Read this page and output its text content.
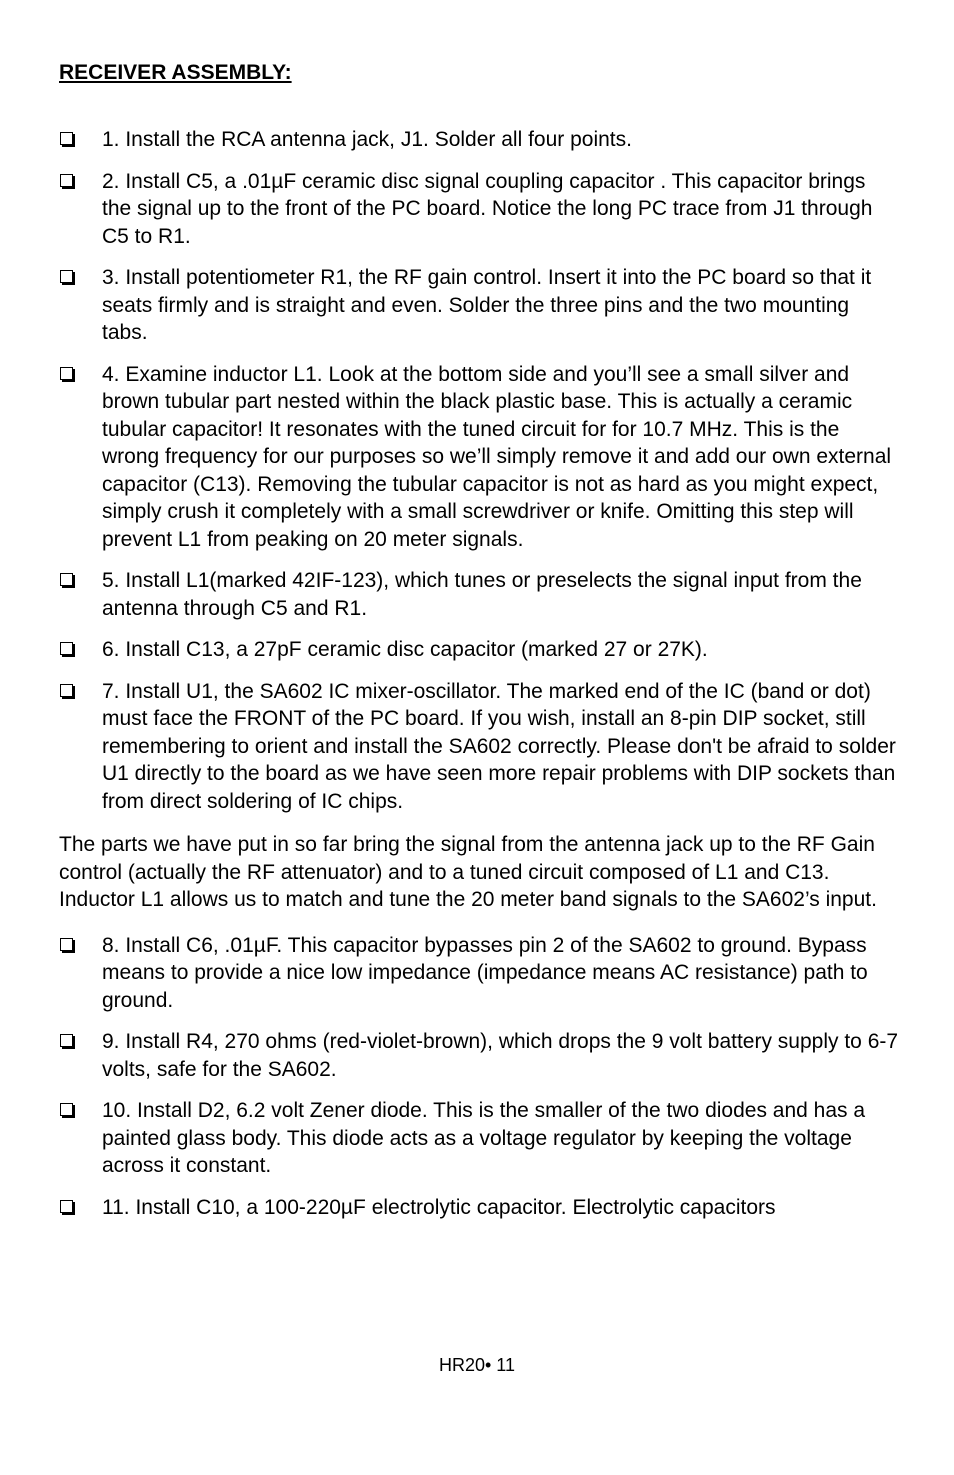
RECEIVER ASSEMBLY:
1. Install the RCA antenna jack, J1. Solder all four points.
2. Install C5, a .01µF ceramic disc signal coupling capacitor . This capacitor brings the signal up to the front of the PC board. Notice the long PC trace from J1 through C5 to R1.
3. Install potentiometer R1, the RF gain control. Insert it into the PC board so that it seats firmly and is straight and even. Solder the three pins and the two mounting tabs.
4. Examine inductor L1. Look at the bottom side and you’ll see a small silver and brown tubular part nested within the black plastic base. This is actually a ceramic tubular capacitor! It resonates with the tuned circuit for for 10.7 MHz. This is the wrong frequency for our purposes so we’ll simply remove it and add our own external capacitor (C13). Removing the tubular capacitor is not as hard as you might expect, simply crush it completely with a small screwdriver or knife. Omitting this step will prevent L1 from peaking on 20 meter signals.
5. Install L1(marked 42IF-123), which tunes or preselects the signal input from the antenna through C5 and R1.
6. Install C13, a 27pF ceramic disc capacitor (marked 27 or 27K).
7. Install U1, the SA602 IC mixer-oscillator. The marked end of the IC (band or dot) must face the FRONT of the PC board. If you wish, install an 8-pin DIP socket, still remembering to orient and install the SA602 correctly. Please don't be afraid to solder U1 directly to the board as we have seen more repair problems with DIP sockets than from direct soldering of IC chips.
The parts we have put in so far bring the signal from the antenna jack up to the RF Gain control (actually the RF attenuator) and to a tuned circuit composed of L1 and C13. Inductor L1 allows us to match and tune the 20 meter band signals to the SA602’s input.
8. Install C6, .01µF. This capacitor bypasses pin 2 of the SA602 to ground. Bypass means to provide a nice low impedance (impedance means AC resistance) path to ground.
9. Install R4, 270 ohms (red-violet-brown), which drops the 9 volt battery supply to 6-7 volts, safe for the SA602.
10. Install D2, 6.2 volt Zener diode. This is the smaller of the two diodes and has a painted glass body. This diode acts as a voltage regulator by keeping the voltage across it constant.
11. Install C10, a 100-220µF electrolytic capacitor. Electrolytic capacitors
HR20• 11
